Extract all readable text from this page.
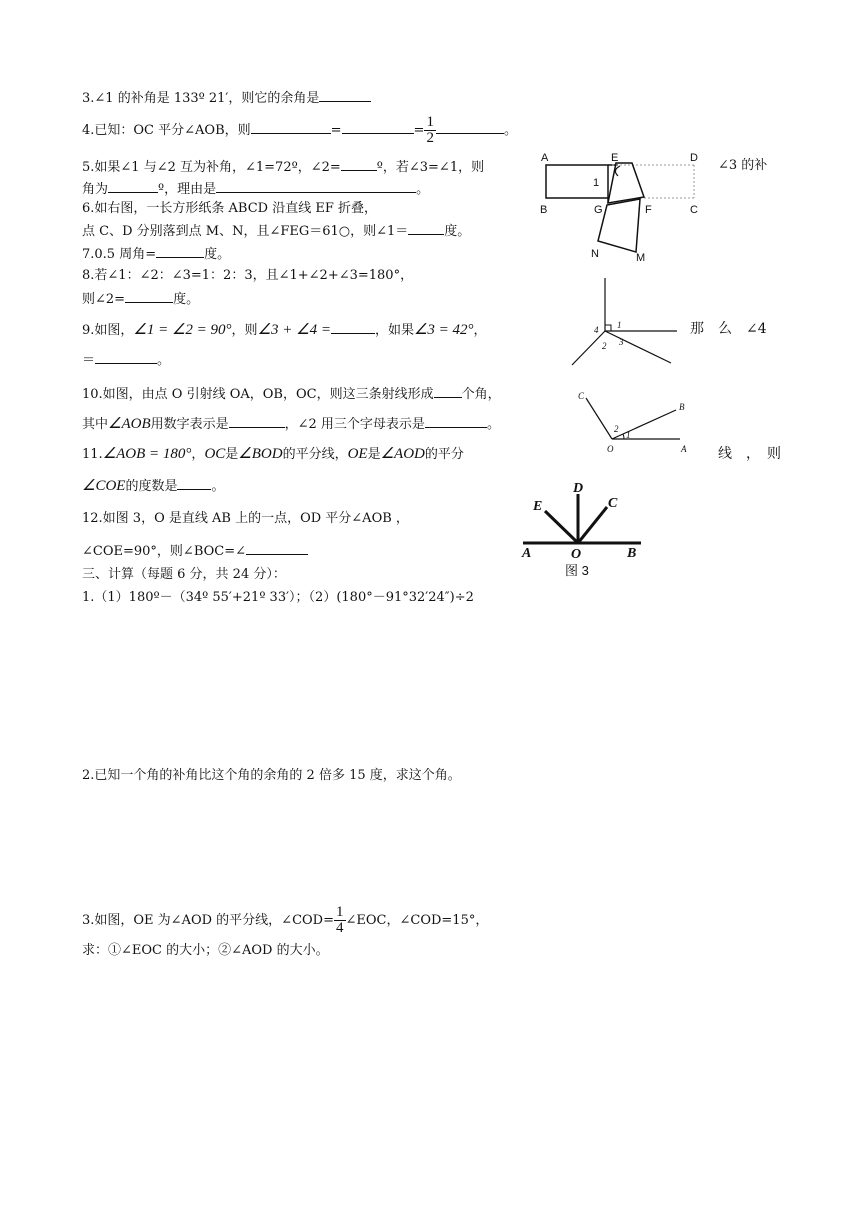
3.∠1 的补角是 133º 21′，则它的余角是
4.已知：OC 平分∠AOB，则	=	= $\frac{1}{2}$	。
5.如果∠1 与∠2 互为补角，∠1=72º，∠2=	º，若∠3=∠1，则	∠3 的补
角为	º，理由是	。
6.如右图，一长方形纸条 ABCD 沿直线 EF 折叠，
点 C、D 分别落到点 M、N，且∠FEG＝61○，则∠1＝	度。
7.0.5 周角=	度。
8.若∠1：∠2：∠3=1：2：3，且∠1+∠2+∠3=180°，
则∠2=	度。
9.如图，∠1 = ∠2 = 90°，则∠3 + ∠4 =	，如果∠3 = 42°，	那　么　∠4
＝	。
10.如图，由点 O 引射线 OA，OB，OC，则这三条射线形成 个角，
其中∠AOB用数字表示是	，∠2 用三个字母表示是	。
11.∠AOB = 180°，OC是∠BOD的平分线，OE是∠AOD的平分	线　，　则
∠COE的度数是	。
12.如图 3，O 是直线 AB 上的一点，OD 平分∠AOB ，
∠COE=90°，则∠BOC=∠
三、计算（每题 6 分，共 24 分）：
1.（1）180º－（34º 55′+21º 33′）；（2）(180°－91°32′24″)÷2
2.已知一个角的补角比这个角的余角的 2 倍多 15 度，求这个角。
3.如图，OE 为∠AOD 的平分线，∠COD= $\frac{1}{4}$ ∠EOC，∠COD=15°，
求：①∠EOC 的大小；②∠AOD 的大小。
A	E	D
B	G	F	C
N	M
1
4 1
2 3
C
B
O	A
2
1
E
D
C
A	O	B
图 3
